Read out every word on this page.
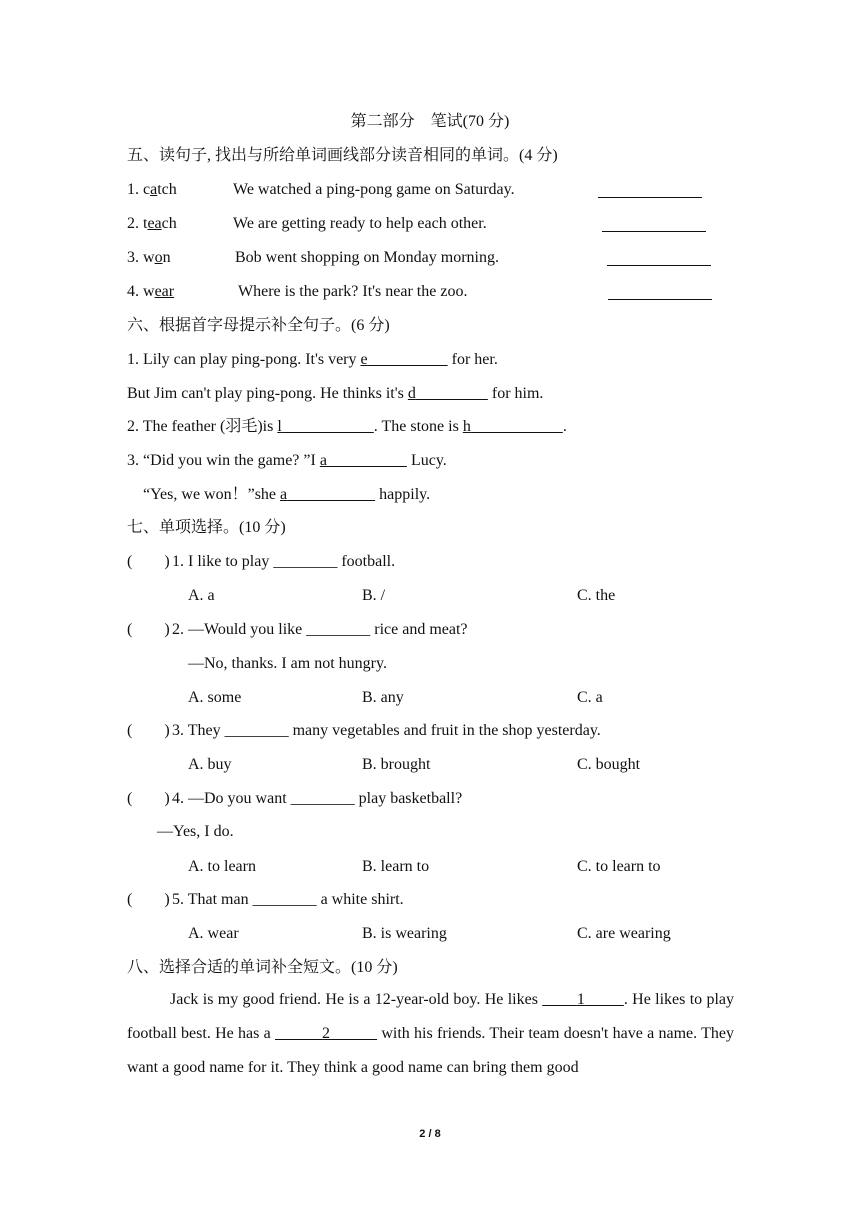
第二部分　笔试(70 分)
五、读句子, 找出与所给单词画线部分读音相同的单词。(4 分)
1. catch	We watched a ping-pong game on Saturday.
2. teach	We are getting ready to help each other.
3. won	Bob went shopping on Monday morning.
4. wear	Where is the park? It's near the zoo.
六、根据首字母提示补全句子。(6 分)
1. Lily can play ping-pong. It's very e	for her.
But Jim can't play ping-pong. He thinks it's d	for him.
2. The feather (羽毛)is l	. The stone is h	.
3. “Did you win the game? ”I a	Lucy.
“Yes, we won！”she a	happily.
七、单项选择。(10 分)
(　　) 1. I like to play ________ football.
A. a	B. /	C. the
(　　) 2. —Would you like ________ rice and meat?
—No, thanks. I am not hungry.
A. some	B. any	C. a
(　　) 3. They ________ many vegetables and fruit in the shop yesterday.
A. buy	B. brought	C. bought
(　　) 4. —Do you want ________ play basketball?
—Yes, I do.
A. to learn	B. learn to	C. to learn to
(　　) 5. That man ________ a white shirt.
A. wear	B. is wearing	C. are wearing
八、选择合适的单词补全短文。(10 分)
Jack is my good friend. He is a 12-year-old boy. He likes         1 . He likes to play football best. He has a	2	with his friends. Their team doesn't have a name. They want a good name for it. They think a good name can bring them good
2 / 8
